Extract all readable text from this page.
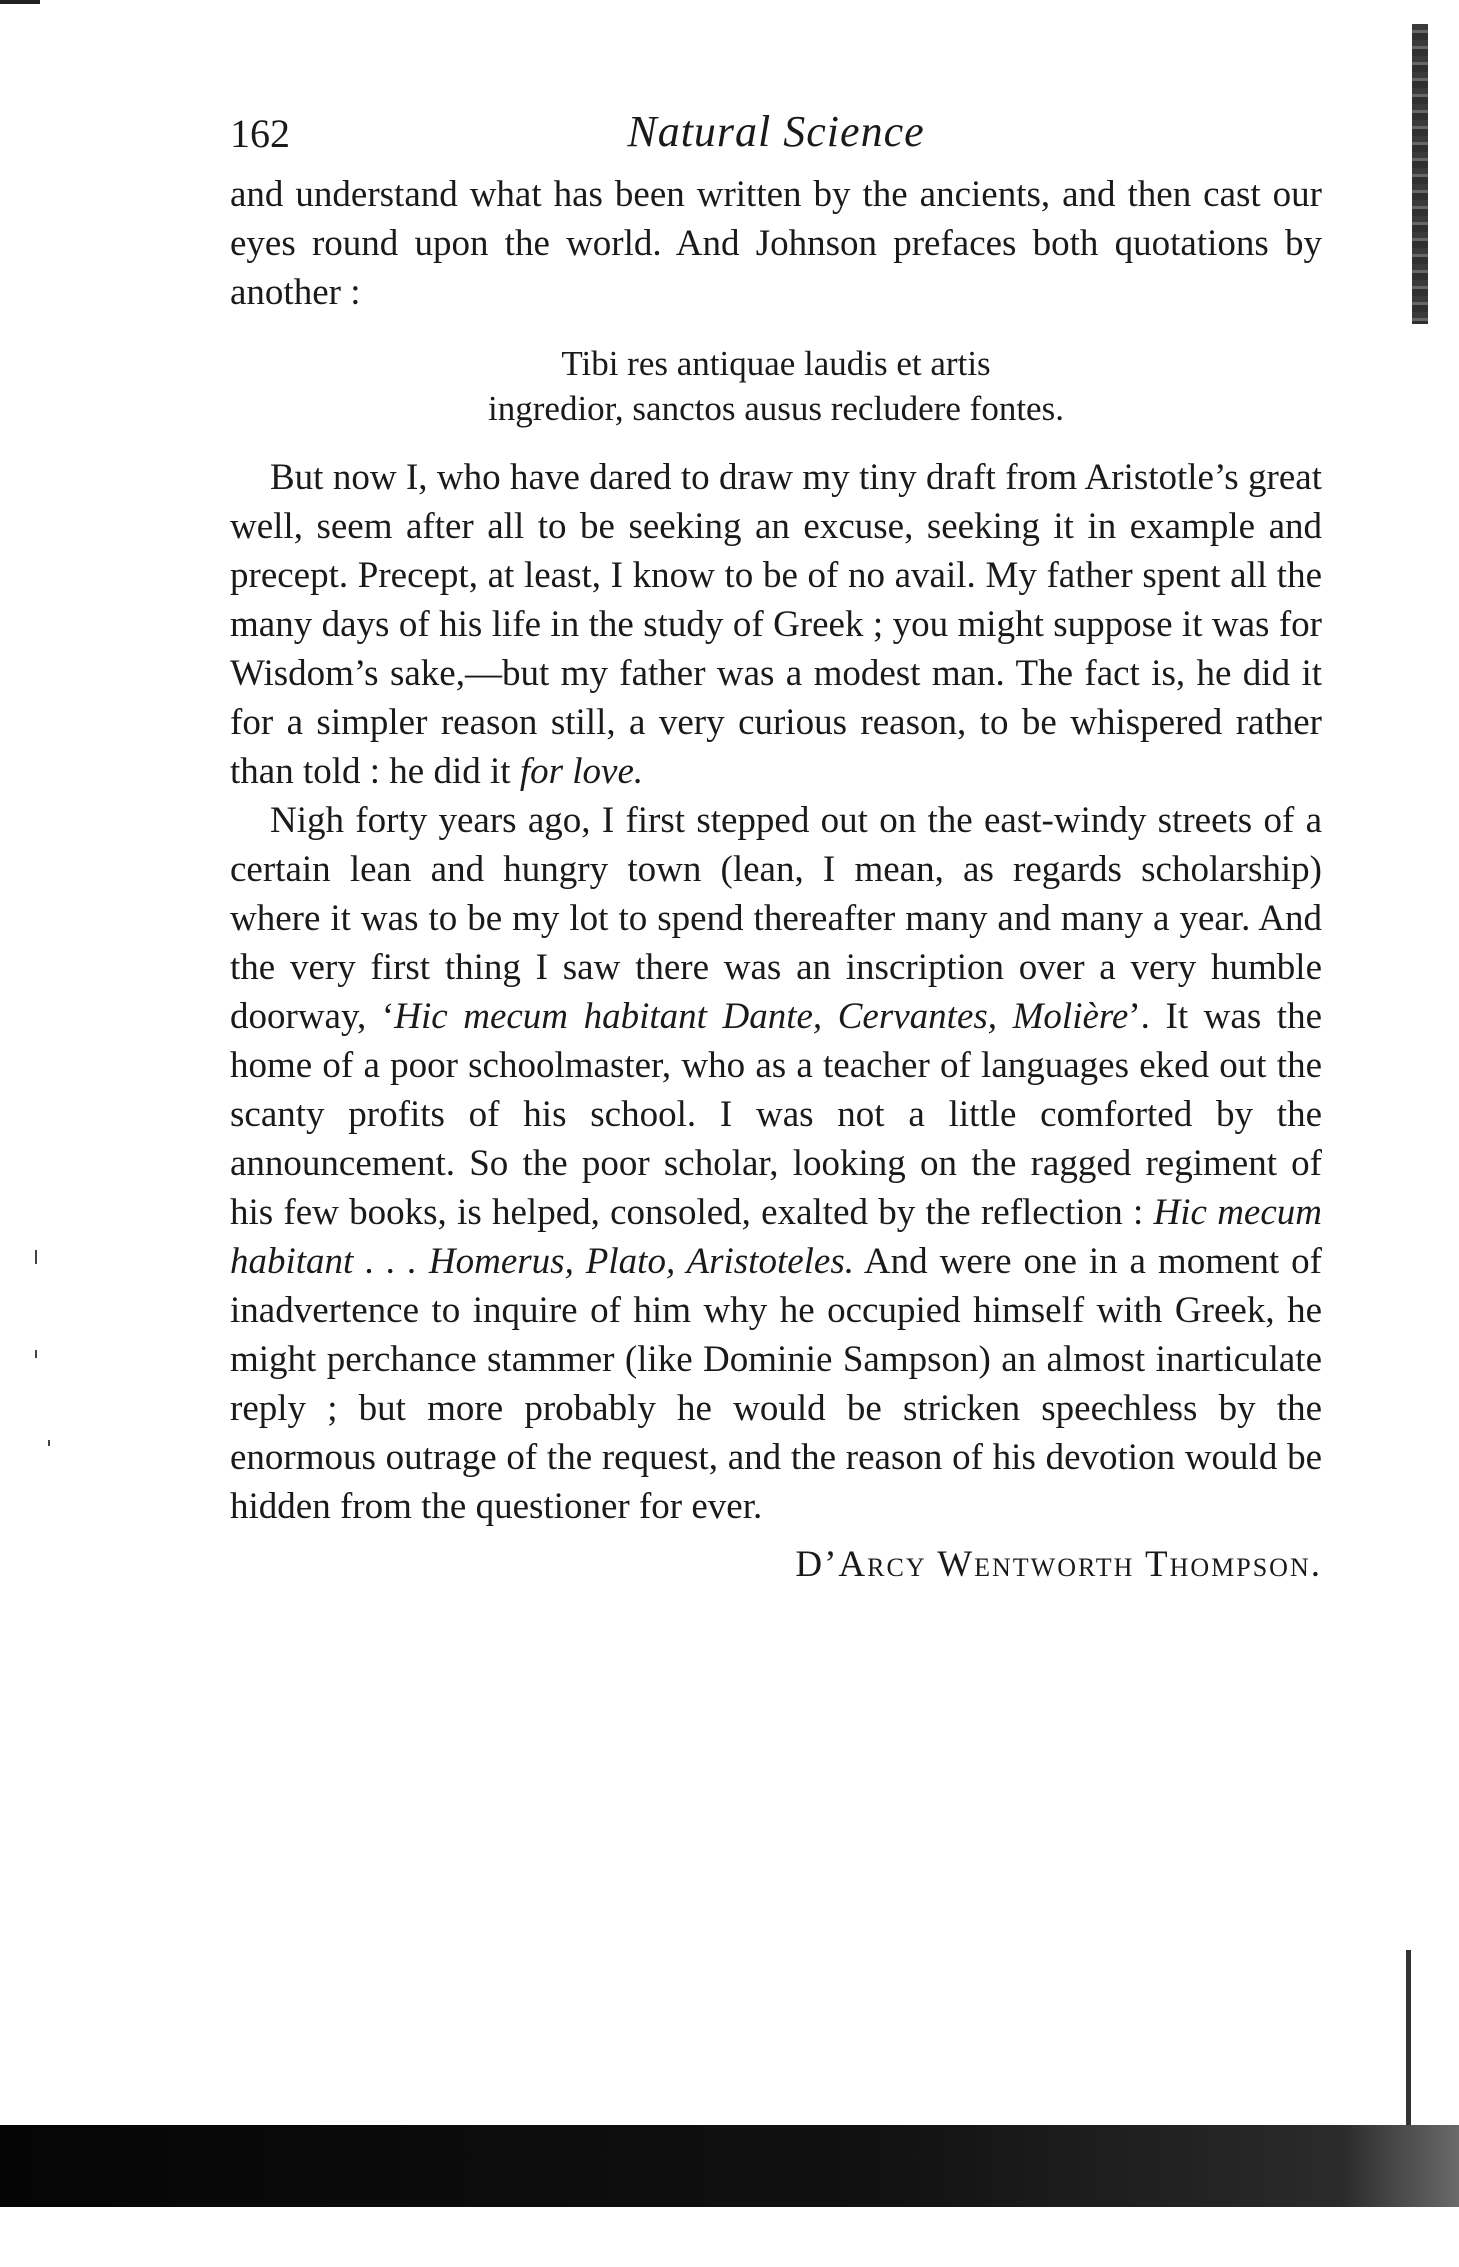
162	Natural Science

and understand what has been written by the ancients, and then cast our eyes round upon the world. And Johnson prefaces both quotations by another :

Tibi res antiquae laudis et artis
ingredior, sanctos ausus recludere fontes.

But now I, who have dared to draw my tiny draft from Aristotle’s great well, seem after all to be seeking an excuse, seeking it in example and precept. Precept, at least, I know to be of no avail. My father spent all the many days of his life in the study of Greek ; you might suppose it was for Wisdom’s sake,—but my father was a modest man. The fact is, he did it for a simpler reason still, a very curious reason, to be whispered rather than told : he did it for love.

Nigh forty years ago, I first stepped out on the east-windy streets of a certain lean and hungry town (lean, I mean, as regards scholarship) where it was to be my lot to spend thereafter many and many a year. And the very first thing I saw there was an inscription over a very humble doorway, ‘Hic mecum habitant Dante, Cervantes, Molière’. It was the home of a poor schoolmaster, who as a teacher of languages eked out the scanty profits of his school. I was not a little comforted by the announcement. So the poor scholar, looking on the ragged regiment of his few books, is helped, consoled, exalted by the reflection : Hic mecum habitant . . . Homerus, Plato, Aristoteles. And were one in a moment of inadvertence to inquire of him why he occupied himself with Greek, he might perchance stammer (like Dominie Sampson) an almost inarticulate reply ; but more probably he would be stricken speechless by the enormous outrage of the request, and the reason of his devotion would be hidden from the questioner for ever.

D’Arcy Wentworth Thompson.
